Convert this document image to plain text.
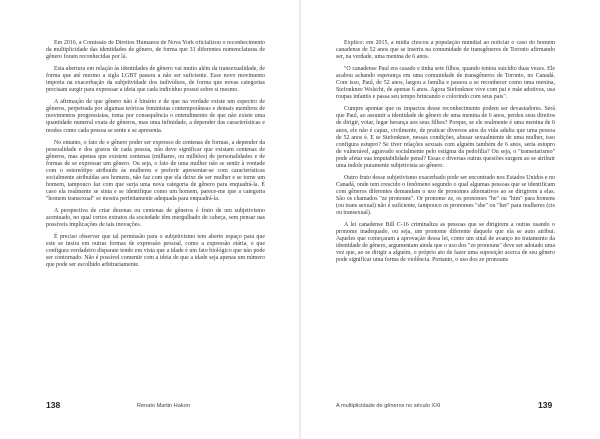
Em 2016, a Comissão de Direitos Humanos de Nova York oficializou o reconhecimento da multiplicidade das identidades de gênero, de forma que 31 diferentes nomenclaturas de gênero foram reconhecidas por lá.

Esta abertura em relação às identidades de gênero vai muito além da transexualidade, de forma que até mesmo a sigla LGBT passou a não ser suficiente. Esse novo movimento importa na exacerbação da subjetividade dos indivíduos, de forma que novas categorias precisam surgir para expressar a ideia que cada indivíduo possui sobre si mesmo.

A afirmação de que gênero não é binário e de que na verdade existe um espectro de gêneros, perpetrada por algumas teóricas feministas contemporâneas e demais membros de movimentos progressistas, toma por consequência o entendimento de que não existe uma quantidade numeral exata de gêneros, mas uma infinidade, a depender das características e modos como cada pessoa se sente e se apresenta.

No entanto, o fato de o gênero poder ser expresso de centenas de formas, a depender da pessoalidade e dos gostos de cada pessoa, não deve significar que existam centenas de gêneros, mas apenas que existem centenas (milhares, ou milhões) de personalidades e de formas de se expressar um gênero. Ou seja, o fato de uma mulher não se sentir à vontade com o estereótipo atribuído às mulheres e preferir apresentar-se com características socialmente atribuídas aos homens, não faz com que ela deixe de ser mulher e se torne um homem, tampouco faz com que surja uma nova categoria de gênero para enquadrá-la. É caso ela realmente se sinta e se identifique como um homem, parece-me que a categoria "homem transexual" se mostra perfeitamente adequada para enquadrá-la.

A perspectiva de criar dezenas ou centenas de gêneros é fruto de um subjetivismo acentuado, no qual certos extratos da sociedade têm mergulhado de cabeça, sem pensar nas possíveis implicações de tais inovações.

É preciso observar que tal permissão para o subjetivismo tem aberto espaço para que este se insira em outras formas de expressão pessoal, como a expressão etária, o que configura verdadeiro disparate tendo em vista que a idade é um fato biológico que não pode ser contornado. Não é possível comentir com a ideia de que a idade seja apenas um número que pode ser escolhido arbitrariamente.

138	Renato Martin Hakon

Explico: em 2015, a mídia chocou a população mundial ao noticiar o caso do homem canadense de 52 anos que se inseriu na comunidade de transgêneros de Toronto afirmando ser, na verdade, uma menina de 6 anos.

"O canadense Paul era casado e tinha sete filhos, quando tentou suicídio duas vezes. Ele acabou achando esperança em uma comunidade de transgêneros de Toronto, no Canadá. Com isso, Paul, de 52 anos, largou a família e passou a se reconhecer como uma menina, Stefonknee Wolscht, de apenas 6 anos. Agora Stefonknee vive com pai e mãe adotivos, usa roupas infantis e passa seu tempo brincando e colorindo com seus pais".

Cumpre apontar que os impactos desse reconhecimento podem ser devastadores. Será que Paul, ao assumir a identidade de gênero de uma menina de 6 anos, perdeu seus direitos de dirigir, votar, legar herança aos seus filhos? Porque, se ele realmente é uma menina de 6 anos, ele não é capaz, civilmente, de praticar diversos atos da vida adulta que uma pessoa de 52 anos é. E se Stefonknee, nessas condições, abusar sexualmente de uma mulher, isso configura estupro? Se tiver relações sexuais com alguém também de 6 anos, seria estupro de vulnerável, agravado socialmente pelo estigma da pedofilia? Ou seja, o "transetarismo" pode afetar sua imputabilidade penal? Essas e diversas outras questões surgem ao se atribuir uma índole puramente subjetivista ao gênero.

Outro fruto desse subjetivismo exacerbado pode ser encontrado nos Estados Unidos e no Canadá, onde tem crescido o fenômeno segundo o qual algumas pessoas que se identificam com gêneros diferentes demandam o uso de pronomes alternativos ao se dirigirem a elas. São os chamados "ze pronouns". Or pronome ze, os pronomes "he" ou "him" para homens (ou trans sexual) não é suficiente, tampouco os pronomes "she" ou "her" para mulheres (cis ou transexual).

A lei canadense Bill C-16 criminaliza as pessoas que se dirigirem a outras usando o pronome inadequado, ou seja, um pronome diferente daquele que ela se auto atribui. Aqueles que começaram a aprovação dessa lei, como um sinal de avanço no tratamento da identidade de gênero, argumentam ainda que o uso dos "ze pronouns" deve ser adotado uma vez que, ao se dirigir a alguém, o próprio ato de fazer uma suposição acerca de seu gênero pode significar uma forma de violência. Portanto, o uso dos ze pronouns

A multiplicidade de gêneros no século XXI	139
